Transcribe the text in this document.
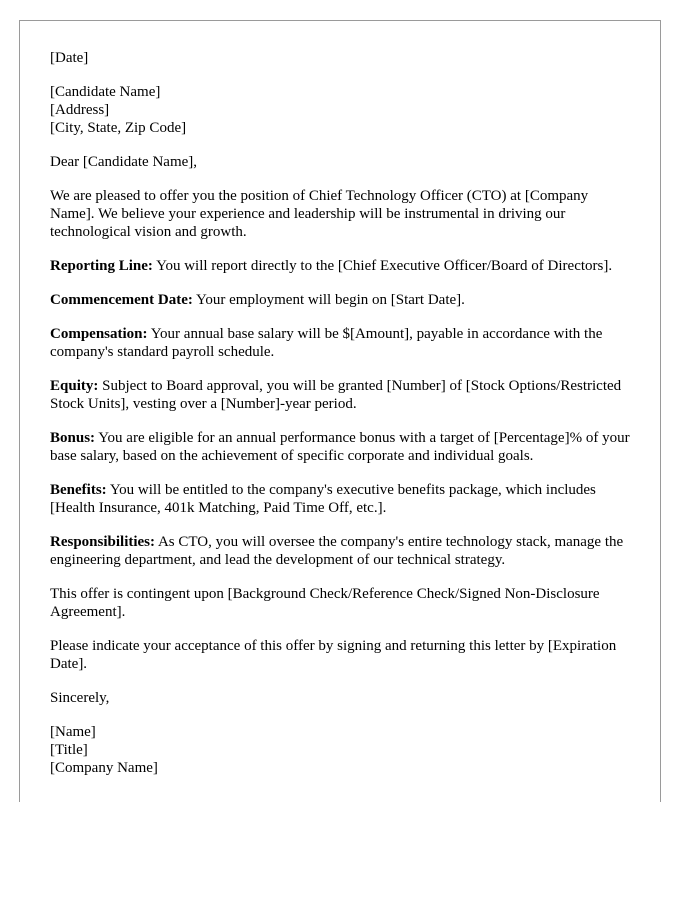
[Date]

[Candidate Name]
[Address]
[City, State, Zip Code]

Dear [Candidate Name],

We are pleased to offer you the position of Chief Technology Officer (CTO) at [Company Name]. We believe your experience and leadership will be instrumental in driving our technological vision and growth.

Reporting Line: You will report directly to the [Chief Executive Officer/Board of Directors].

Commencement Date: Your employment will begin on [Start Date].

Compensation: Your annual base salary will be $[Amount], payable in accordance with the company's standard payroll schedule.

Equity: Subject to Board approval, you will be granted [Number] of [Stock Options/Restricted Stock Units], vesting over a [Number]-year period.

Bonus: You are eligible for an annual performance bonus with a target of [Percentage]% of your base salary, based on the achievement of specific corporate and individual goals.

Benefits: You will be entitled to the company's executive benefits package, which includes [Health Insurance, 401k Matching, Paid Time Off, etc.].

Responsibilities: As CTO, you will oversee the company's entire technology stack, manage the engineering department, and lead the development of our technical strategy.

This offer is contingent upon [Background Check/Reference Check/Signed Non-Disclosure Agreement].

Please indicate your acceptance of this offer by signing and returning this letter by [Expiration Date].

Sincerely,

[Name]
[Title]
[Company Name]
